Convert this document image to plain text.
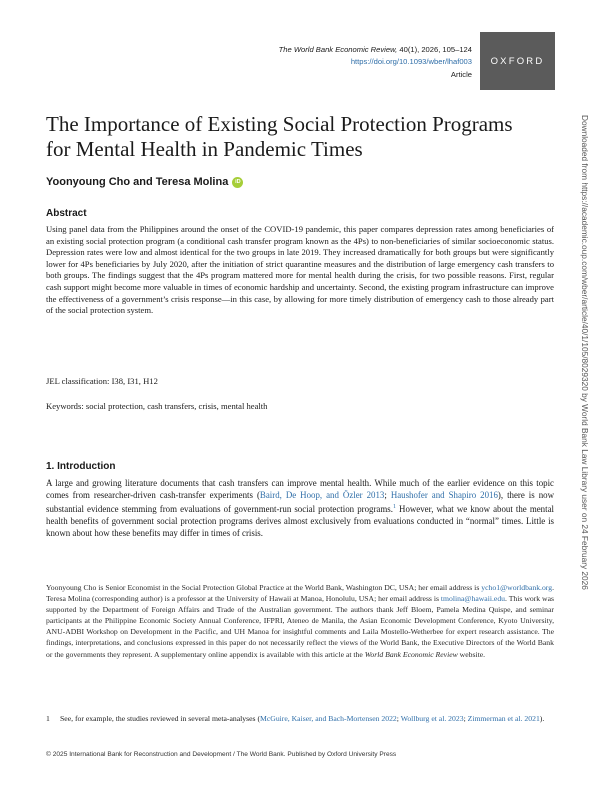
The World Bank Economic Review, 40(1), 2026, 105–124
https://doi.org/10.1093/wber/lhaf003
Article
OXFORD
The Importance of Existing Social Protection Programs for Mental Health in Pandemic Times
Yoonyoung Cho and Teresa Molina iD
Abstract

Using panel data from the Philippines around the onset of the COVID-19 pandemic, this paper compares depression rates among beneficiaries of an existing social protection program (a conditional cash transfer program known as the 4Ps) to non-beneficiaries of similar socioeconomic status. Depression rates were low and almost identical for the two groups in late 2019. They increased dramatically for both groups but were significantly lower for 4Ps beneficiaries by July 2020, after the initiation of strict quarantine measures and the distribution of large emergency cash transfers to both groups. The findings suggest that the 4Ps program mattered more for mental health during the crisis, for two possible reasons. First, regular cash support might become more valuable in times of economic hardship and uncertainty. Second, the existing program infrastructure can improve the effectiveness of a government’s crisis response—in this case, by allowing for more timely distribution of emergency cash to those already part of the social protection system.

JEL classification: I38, I31, H12

Keywords: social protection, cash transfers, crisis, mental health

1. Introduction

A large and growing literature documents that cash transfers can improve mental health. While much of the earlier evidence on this topic comes from researcher-driven cash-transfer experiments (Baird, De Hoop, and Özler 2013; Haushofer and Shapiro 2016), there is now substantial evidence stemming from evaluations of government-run social protection programs.$^1$ However, what we know about the mental health benefits of government social protection programs derives almost exclusively from evaluations conducted in “normal” times. Little is known about how these benefits may differ in times of crisis.

Yoonyoung Cho is Senior Economist in the Social Protection Global Practice at the World Bank, Washington DC, USA; her email address is ycho1@worldbank.org. Teresa Molina (corresponding author) is a professor at the University of Hawaii at Manoa, Honolulu, USA; her email address is tmolina@hawaii.edu. This work was supported by the Department of Foreign Affairs and Trade of the Australian government. The authors thank Jeff Bloem, Pamela Medina Quispe, and seminar participants at the Philippine Economic Society Annual Conference, IFPRI, Ateneo de Manila, the Asian Economic Development Conference, Kyoto University, ANU-ADBI Workshop on Development in the Pacific, and UH Manoa for insightful comments and Laila Mostello-Wetherbee for expert research assistance. The findings, interpretations, and conclusions expressed in this paper do not necessarily reflect the views of the World Bank, the Executive Directors of the World Bank or the governments they represent. A supplementary online appendix is available with this article at the World Bank Economic Review website.

1	See, for example, the studies reviewed in several meta-analyses (McGuire, Kaiser, and Bach-Mortensen 2022; Wollburg et al. 2023; Zimmerman et al. 2021).

© 2025 International Bank for Reconstruction and Development / The World Bank. Published by Oxford University Press

Downloaded from https://academic.oup.com/wber/article/40/1/105/8029320 by World Bank Law Library user on 24 February 2026
